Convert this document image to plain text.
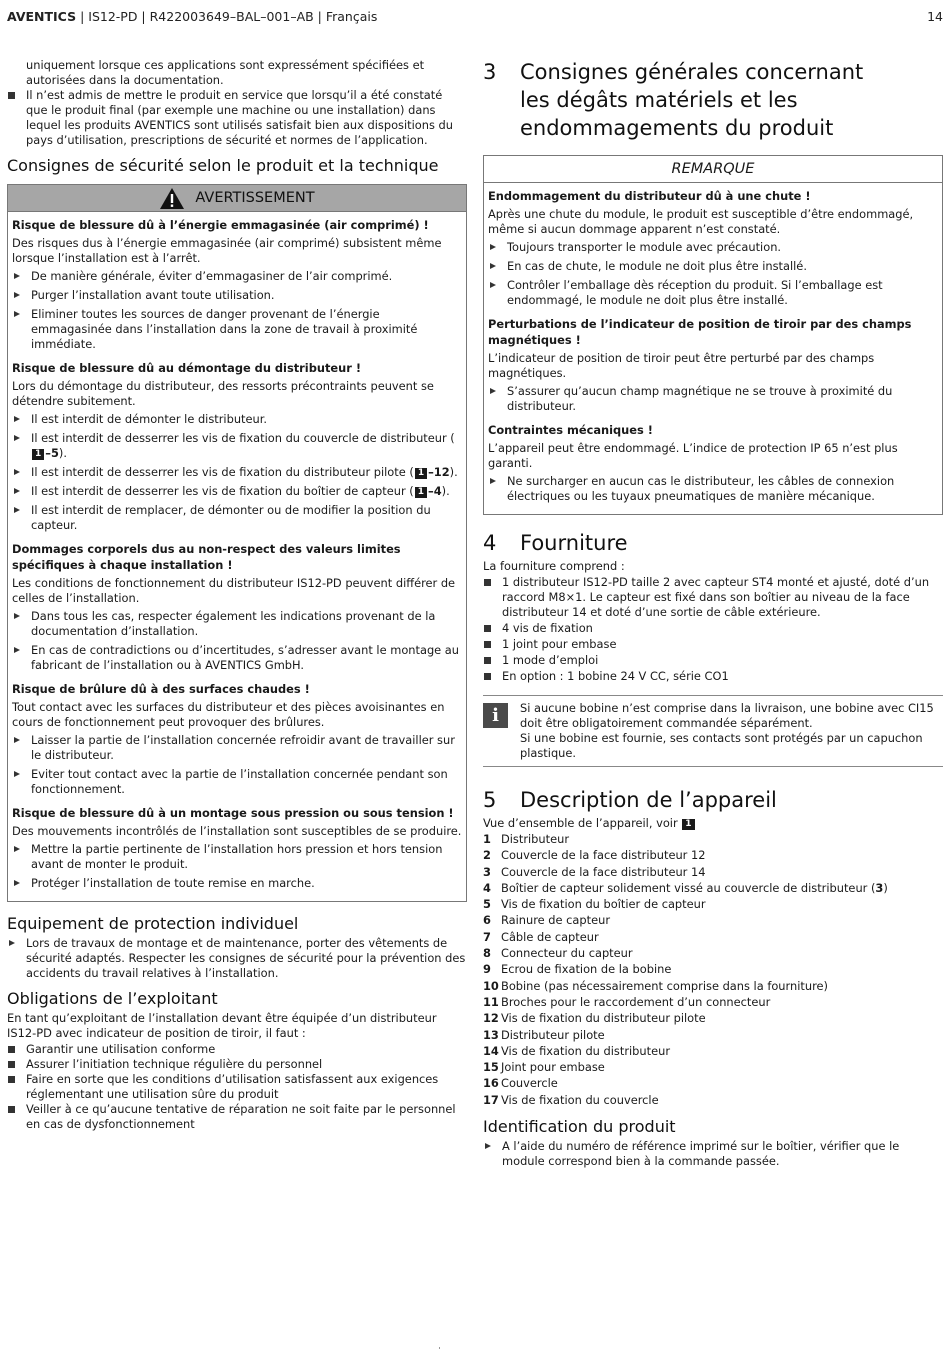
AVENTICS | IS12-PD | R422003649–BAL–001–AB | Français	14

uniquement lorsque ces applications sont expressément spécifiées et autorisées dans la documentation.

Il n’est admis de mettre le produit en service que lorsqu’il a été constaté que le produit final (par exemple une machine ou une installation) dans lequel les produits AVENTICS sont utilisés satisfait bien aux dispositions du pays d’utilisation, prescriptions de sécurité et normes de l’application.
Consignes de sécurité selon le produit et la technique
AVERTISSEMENT

Risque de blessure dû à l’énergie emmagasinée (air comprimé) !

Des risques dus à l’énergie emmagasinée (air comprimé) subsistent même lorsque l’installation est à l’arrêt.

De manière générale, éviter d’emmagasiner de l’air comprimé.
Purger l’installation avant toute utilisation.
Eliminer toutes les sources de danger provenant de l’énergie emmagasinée dans l’installation dans la zone de travail à proximité immédiate.

Risque de blessure dû au démontage du distributeur !

Lors du démontage du distributeur, des ressorts précontraints peuvent se détendre subitement.

Il est interdit de démonter le distributeur.
Il est interdit de desserrer les vis de fixation du couvercle de distributeur (1 –5).
Il est interdit de desserrer les vis de fixation du distributeur pilote ( 1 –12).
Il est interdit de desserrer les vis de fixation du boîtier de capteur ( 1 –4).
Il est interdit de remplacer, de démonter ou de modifier la position du capteur.

Dommages corporels dus au non-respect des valeurs limites spécifiques à chaque installation !

Les conditions de fonctionnement du distributeur IS12-PD peuvent différer de celles de l’installation.

Dans tous les cas, respecter également les indications provenant de la documentation d’installation.
En cas de contradictions ou d’incertitudes, s’adresser avant le montage au fabricant de l’installation ou à AVENTICS GmbH.

Risque de brûlure dû à des surfaces chaudes !

Tout contact avec les surfaces du distributeur et des pièces avoisinantes en cours de fonctionnement peut provoquer des brûlures.

Laisser la partie de l’installation concernée refroidir avant de travailler sur le distributeur.
Eviter tout contact avec la partie de l’installation concernée pendant son fonctionnement.

Risque de blessure dû à un montage sous pression ou sous tension !

Des mouvements incontrôlés de l’installation sont susceptibles de se produire.

Mettre la partie pertinente de l’installation hors pression et hors tension avant de monter le produit.
Protéger l’installation de toute remise en marche.
Equipement de protection individuel
Lors de travaux de montage et de maintenance, porter des vêtements de sécurité adaptés. Respecter les consignes de sécurité pour la prévention des accidents du travail relatives à l’installation.
Obligations de l’exploitant

En tant qu’exploitant de l’installation devant être équipée d’un distributeur IS12-PD avec indicateur de position de tiroir, il faut :

Garantir une utilisation conforme
Assurer l’initiation technique régulière du personnel
Faire en sorte que les conditions d’utilisation satisfassent aux exigences réglementant une utilisation sûre du produit
Veiller à ce qu’aucune tentative de réparation ne soit faite par le personnel en cas de dysfonctionnement
3	Consignes générales concernant
les dégâts matériels et les
endommagements du produit
REMARQUE

Endommagement du distributeur dû à une chute !

Après une chute du module, le produit est susceptible d’être endommagé, même si aucun dommage apparent n’est constaté.

Toujours transporter le module avec précaution.
En cas de chute, le module ne doit plus être installé.
Contrôler l’emballage dès réception du produit. Si l’emballage est endommagé, le module ne doit plus être installé.

Perturbations de l’indicateur de position de tiroir par des champs magnétiques !

L’indicateur de position de tiroir peut être perturbé par des champs magnétiques.

S’assurer qu’aucun champ magnétique ne se trouve à proximité du distributeur.

Contraintes mécaniques !

L’appareil peut être endommagé. L’indice de protection IP 65 n’est plus garanti.

Ne surcharger en aucun cas le distributeur, les câbles de connexion électriques ou les tuyaux pneumatiques de manière mécanique.
4	Fourniture

La fourniture comprend :

1 distributeur IS12-PD taille 2 avec capteur ST4 monté et ajusté, doté d’un raccord M8×1. Le capteur est fixé dans son boîtier au niveau de la face distributeur 14 et doté d’une sortie de câble extérieure.
4 vis de fixation
1 joint pour embase
1 mode d’emploi
En option : 1 bobine 24 V CC, série CO1
i	Si aucune bobine n’est comprise dans la livraison, une bobine avec CI15 doit être obligatoirement commandée séparément.

Si une bobine est fournie, ses contacts sont protégés par un capuchon plastique.

5	Description de l’appareil

Vue d’ensemble de l’appareil, voir 1

1 Distributeur
2 Couvercle de la face distributeur 12
3 Couvercle de la face distributeur 14
4 Boîtier de capteur solidement vissé au couvercle de distributeur (3)
5 Vis de fixation du boîtier de capteur
6 Rainure de capteur
7 Câble de capteur
8 Connecteur du capteur
9 Ecrou de fixation de la bobine
10 Bobine (pas nécessairement comprise dans la fourniture)
11 Broches pour le raccordement d’un connecteur
12 Vis de fixation du distributeur pilote
13 Distributeur pilote
14 Vis de fixation du distributeur
15 Joint pour embase
16 Couvercle
17 Vis de fixation du couvercle
Identification du produit
A l’aide du numéro de référence imprimé sur le boîtier, vérifier que le module correspond bien à la commande passée.
